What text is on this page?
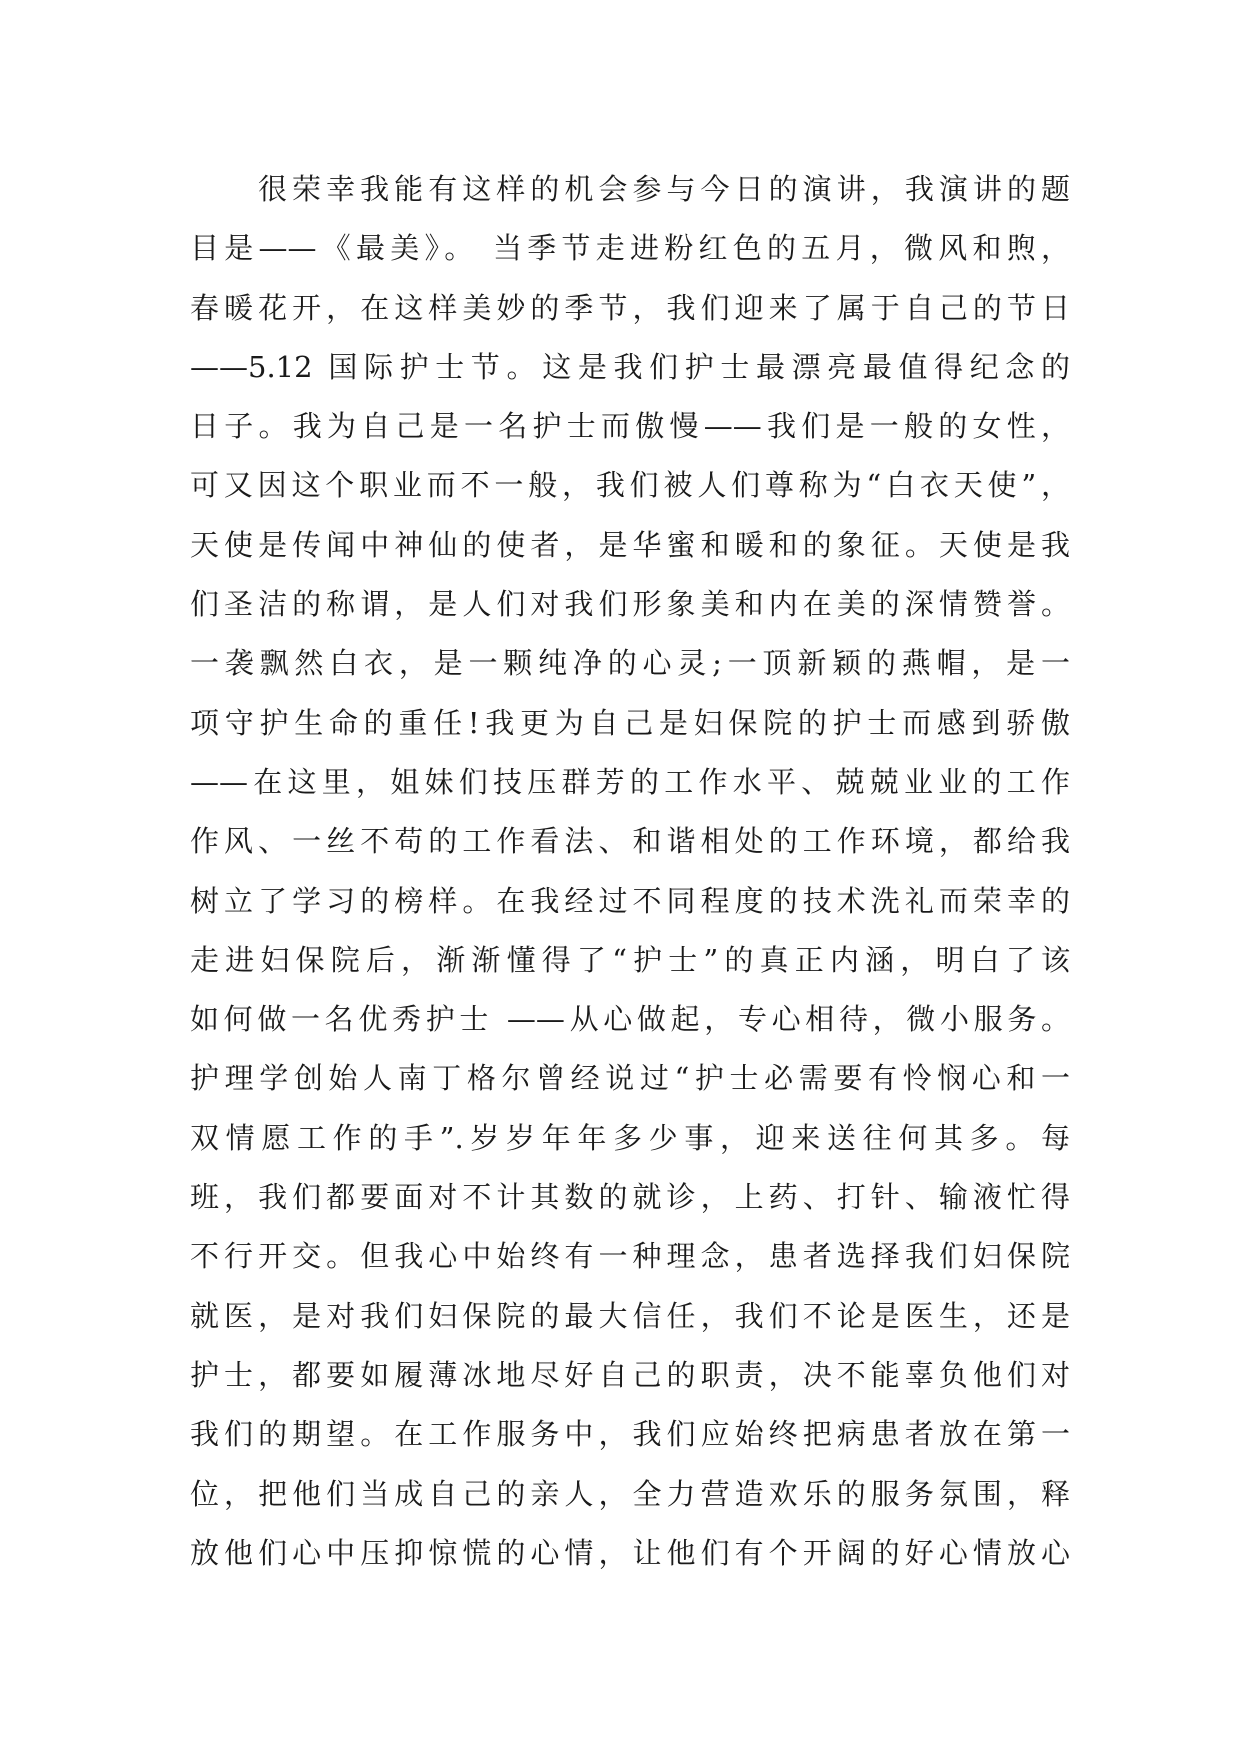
很荣幸我能有这样的机会参与今日的演讲，我演讲的题
目是——《最美》。 当季节走进粉红色的五月，微风和煦，
春暖花开，在这样美妙的季节，我们迎来了属于自己的节日
——5.12 国际护士节。这是我们护士最漂亮最值得纪念的
日子。我为自己是一名护士而傲慢——我们是一般的女性，
可又因这个职业而不一般，我们被人们尊称为“白衣天使”，
天使是传闻中神仙的使者，是华蜜和暖和的象征。天使是我
们圣洁的称谓，是人们对我们形象美和内在美的深情赞誉。
一袭飘然白衣，是一颗纯净的心灵;一顶新颖的燕帽，是一
项守护生命的重任!我更为自己是妇保院的护士而感到骄傲
——在这里，姐妹们技压群芳的工作水平、兢兢业业的工作
作风、一丝不苟的工作看法、和谐相处的工作环境，都给我
树立了学习的榜样。在我经过不同程度的技术洗礼而荣幸的
走进妇保院后，渐渐懂得了“护士”的真正内涵，明白了该
如何做一名优秀护士 ——从心做起，专心相待，微小服务。
护理学创始人南丁格尔曾经说过“护士必需要有怜悯心和一
双情愿工作的手”.岁岁年年多少事，迎来送往何其多。每
班，我们都要面对不计其数的就诊，上药、打针、输液忙得
不行开交。但我心中始终有一种理念，患者选择我们妇保院
就医，是对我们妇保院的最大信任，我们不论是医生，还是
护士，都要如履薄冰地尽好自己的职责，决不能辜负他们对
我们的期望。在工作服务中，我们应始终把病患者放在第一
位，把他们当成自己的亲人，全力营造欢乐的服务氛围，释
放他们心中压抑惊慌的心情，让他们有个开阔的好心情放心
